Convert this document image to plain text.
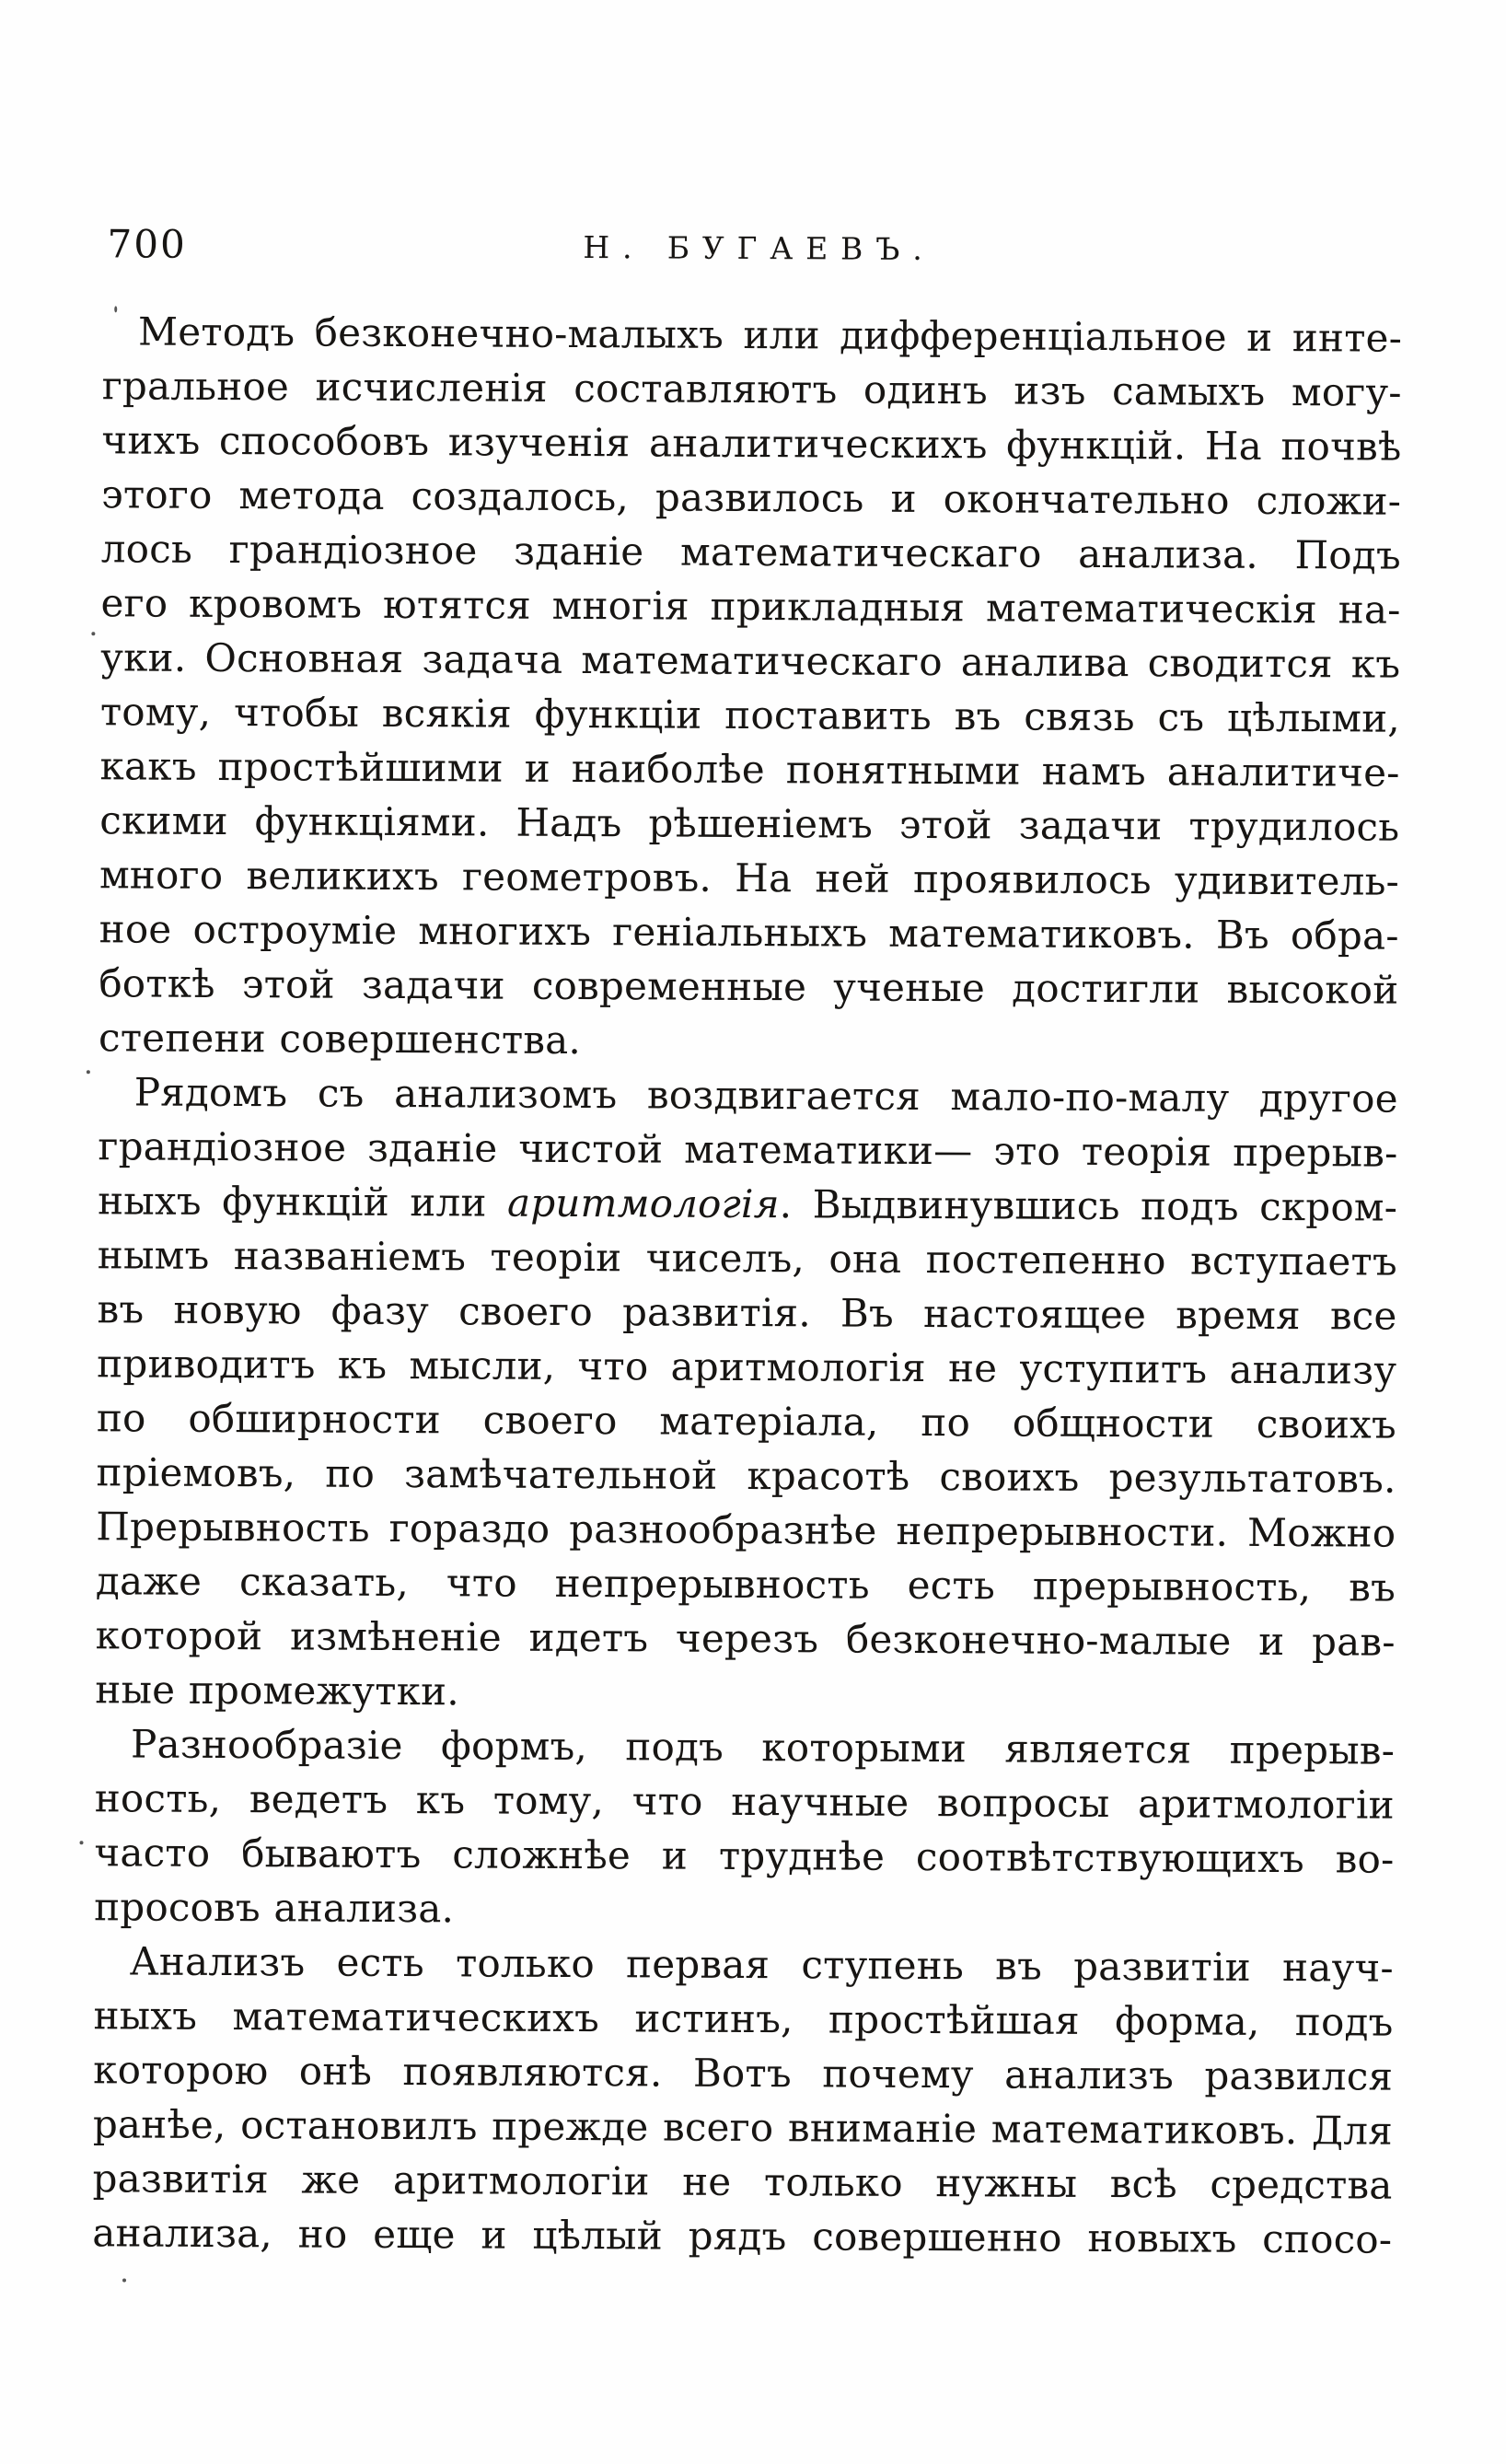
700	Н. БУГАЕВЪ.
Методъ безконечно-малыхъ или дифференціальное и инте-
гральное исчисленія составляютъ одинъ изъ самыхъ могу-
чихъ способовъ изученія аналитическихъ функцій. На почвѣ
этого метода создалось, развилось и окончательно сложи-
лось грандіозное зданіе математическаго анализа. Подъ
его кровомъ ютятся многія прикладныя математическія на-
уки. Основная задача математическаго аналива сводится къ
тому, чтобы всякія функціи поставить въ связь съ цѣлыми,
какъ простѣйшими и наиболѣе понятными намъ аналитиче-
скими функціями. Надъ рѣшеніемъ этой задачи трудилось
много великихъ геометровъ. На ней проявилось удивитель-
ное остроуміе многихъ геніальныхъ математиковъ. Въ обра-
боткѣ этой задачи современные ученые достигли высокой
степени совершенства.
Рядомъ съ анализомъ воздвигается мало-по-малу другое
грандіозное зданіе чистой математики— это теорія прерыв-
ныхъ функцій или аритмологія. Выдвинувшись подъ скром-
нымъ названіемъ теоріи чиселъ, она постепенно вступаетъ
въ новую фазу своего развитія. Въ настоящее время все
приводитъ къ мысли, что аритмологія не уступитъ анализу
по обширности своего матеріала, по общности своихъ
пріемовъ, по замѣчательной красотѣ своихъ результатовъ.
Прерывность гораздо разнообразнѣе непрерывности. Можно
даже сказать, что непрерывность есть прерывность, въ
которой измѣненіе идетъ черезъ безконечно-малые и рав-
ные промежутки.
Разнообразіе формъ, подъ которыми является прерыв-
ность, ведетъ къ тому, что научные вопросы аритмологіи
часто бываютъ сложнѣе и труднѣе соотвѣтствующихъ во-
просовъ анализа.
Анализъ есть только первая ступень въ развитіи науч-
ныхъ математическихъ истинъ, простѣйшая форма, подъ
которою онѣ появляются. Вотъ почему анализъ развился
ранѣе, остановилъ прежде всего вниманіе математиковъ. Для
развитія же аритмологіи не только нужны всѣ средства
анализа, но еще и цѣлый рядъ совершенно новыхъ спосо-
